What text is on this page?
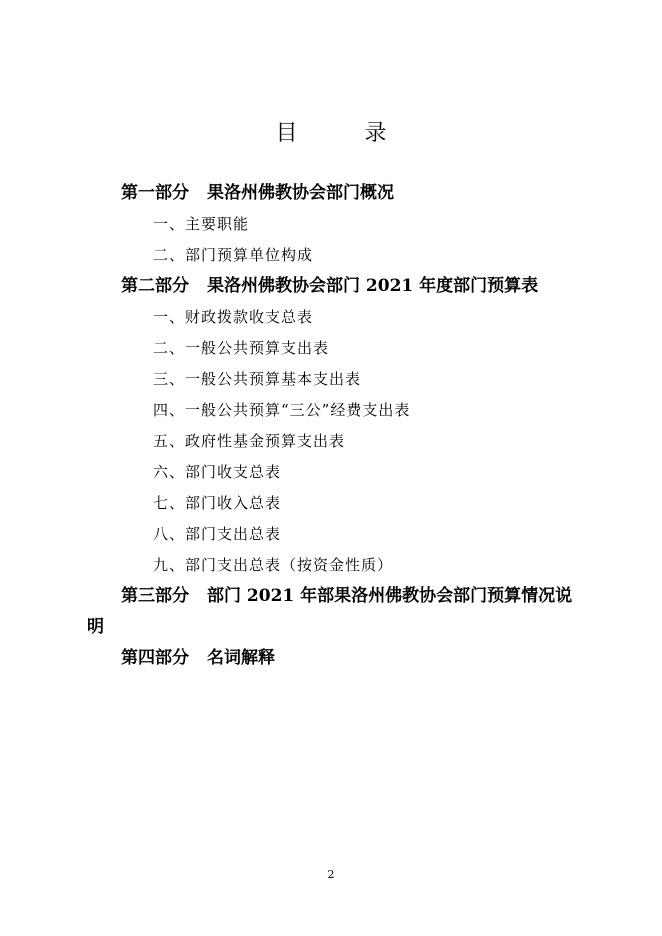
目 录
第一部分 果洛州佛教协会部门概况
一、主要职能
二、部门预算单位构成
第二部分 果洛州佛教协会部门 2021 年度部门预算表
一、财政拨款收支总表
二、一般公共预算支出表
三、一般公共预算基本支出表
四、一般公共预算“三公”经费支出表
五、政府性基金预算支出表
六、部门收支总表
七、部门收入总表
八、部门支出总表
九、部门支出总表（按资金性质）
第三部分 部门 2021 年部果洛州佛教协会部门预算情况说明
第四部分 名词解释
2
